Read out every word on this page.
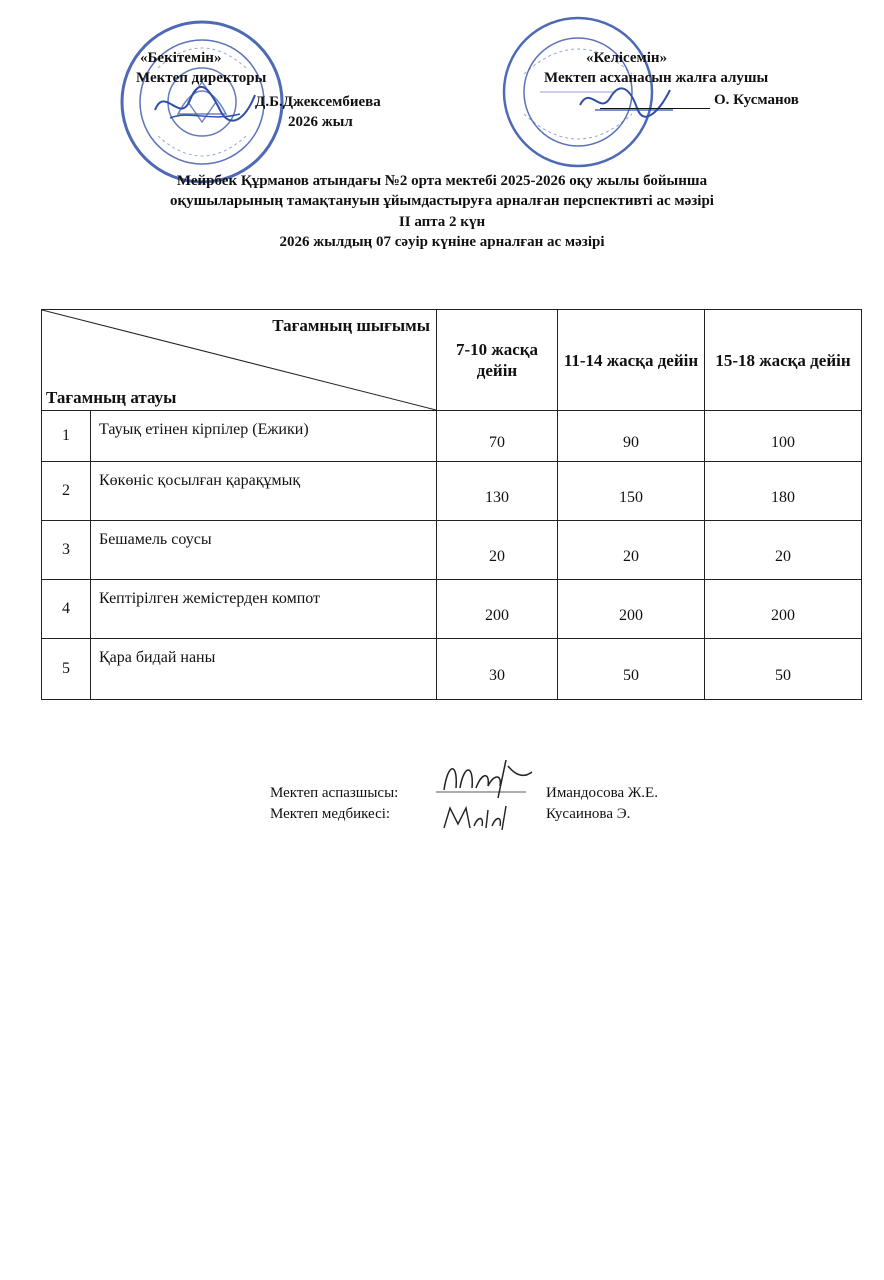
«Бекітемін»
Мектеп директоры
Д.Б.Джексембиева
2026 жыл
«Келісемін»
Мектеп асханасын жалға алушы
О. Кусманов
Мейрбек Құрманов атындағы №2 орта мектебі 2025-2026 оқу жылы бойынша
оқушыларының тамақтануын ұйымдастыруға арналған перспективті ас мәзірі
ІІ апта 2 күн
2026 жылдың 07 сәуір күніне арналған ас мәзірі
Тағамның шығымы
Тағамның атауы		7-10 жасқа дейін	11-14 жасқа дейін	15-18 жасқа дейін
1	Тауық етінен кірпілер (Ежики)	70	90	100
2	Көкөніс қосылған қарақұмық	130	150	180
3	Бешамель соусы	20	20	20
4	Кептірілген жемістерден компот	200	200	200
5	Қара бидай наны	30	50	50
Мектеп аспазшысы:	Имандосова Ж.Е.
Мектеп медбикесі:	Кусаинова Э.
